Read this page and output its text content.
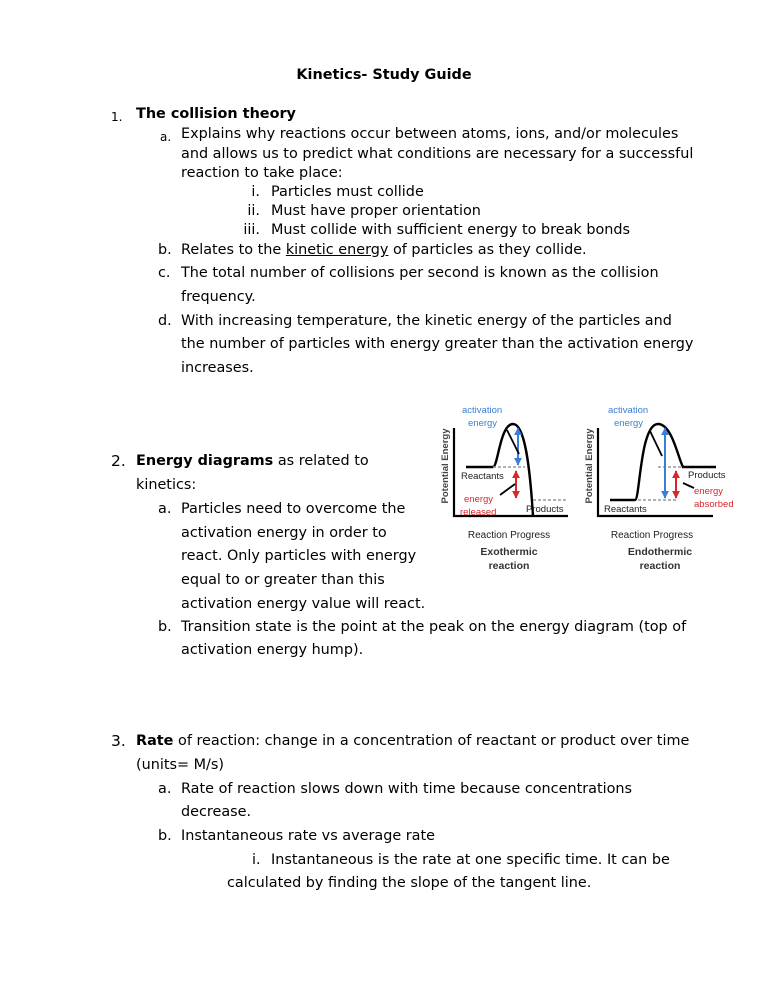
Kinetics- Study Guide
1. The collision theory
a. Explains why reactions occur between atoms, ions, and/or molecules
and allows us to predict what conditions are necessary for a successful
reaction to take place:
i. Particles must collide
ii. Must have proper orientation
iii. Must collide with sufficient energy to break bonds
b. Relates to the kinetic energy of particles as they collide.
c. The total number of collisions per second is known as the collision
frequency.
d. With increasing temperature, the kinetic energy of the particles and
the number of particles with energy greater than the activation energy
increases.
2. Energy diagrams as related to
kinetics:
a. Particles need to overcome the
activation energy in order to
react. Only particles with energy
equal to or greater than this
activation energy value will react.
b. Transition state is the point at the peak on the energy diagram (top of
activation energy hump).
Potential Energy
Reaction Progress
Exothermic
reaction
activation
energy
Reactants
Products
energy
released
Potential Energy
Reaction Progress
Endothermic
reaction
activation
energy
Reactants
Products
energy
absorbed
3. Rate of reaction: change in a concentration of reactant or product over time
(units= M/s)
a. Rate of reaction slows down with time because concentrations
decrease.
b. Instantaneous rate vs average rate
i. Instantaneous is the rate at one specific time. It can be
calculated by finding the slope of the tangent line.
